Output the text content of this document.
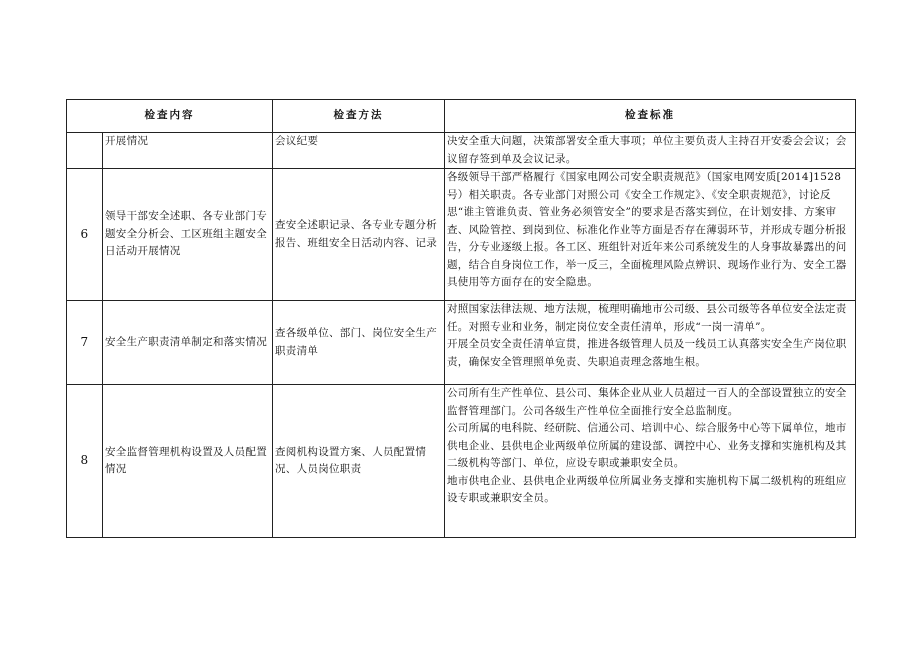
检查内容		检查方法	检查标准
	开展情况	会议纪要	决安全重大问题，决策部署安全重大事项；单位主要负责人主持召开安委会会议；会议留存签到单及会议记录。

6	领导干部安全述职、各专业部门专题安全分析会、工区班组主题安全日活动开展情况	查安全述职记录、各专业专题分析报告、班组安全日活动内容、记录	各级领导干部严格履行《国家电网公司安全职责规范》（国家电网安质[2014]1528号）相关职责。各专业部门对照公司《安全工作规定》、《安全职责规范》，讨论反思“谁主管谁负责、管业务必须管安全”的要求是否落实到位，在计划安排、方案审查、风险管控、到岗到位、标准化作业等方面是否存在薄弱环节，并形成专题分析报告，分专业逐级上报。各工区、班组针对近年来公司系统发生的人身事故暴露出的问题，结合自身岗位工作，举一反三，全面梳理风险点辨识、现场作业行为、安全工器具使用等方面存在的安全隐患。

7	安全生产职责清单制定和落实情况	查各级单位、部门、岗位安全生产职责清单	对照国家法律法规、地方法规，梳理明确地市公司级、县公司级等各单位安全法定责任。对照专业和业务，制定岗位安全责任清单，形成“一岗一清单”。
开展全员安全责任清单宣贯，推进各级管理人员及一线员工认真落实安全生产岗位职责，确保安全管理照单免责、失职追责理念落地生根。

8	安全监督管理机构设置及人员配置情况	查阅机构设置方案、人员配置情况、人员岗位职责	公司所有生产性单位、县公司、集体企业从业人员超过一百人的全部设置独立的安全监督管理部门。公司各级生产性单位全面推行安全总监制度。
公司所属的电科院、经研院、信通公司、培训中心、综合服务中心等下属单位，地市供电企业、县供电企业两级单位所属的建设部、调控中心、业务支撑和实施机构及其二级机构等部门、单位，应设专职或兼职安全员。
地市供电企业、县供电企业两级单位所属业务支撑和实施机构下属二级机构的班组应设专职或兼职安全员。
